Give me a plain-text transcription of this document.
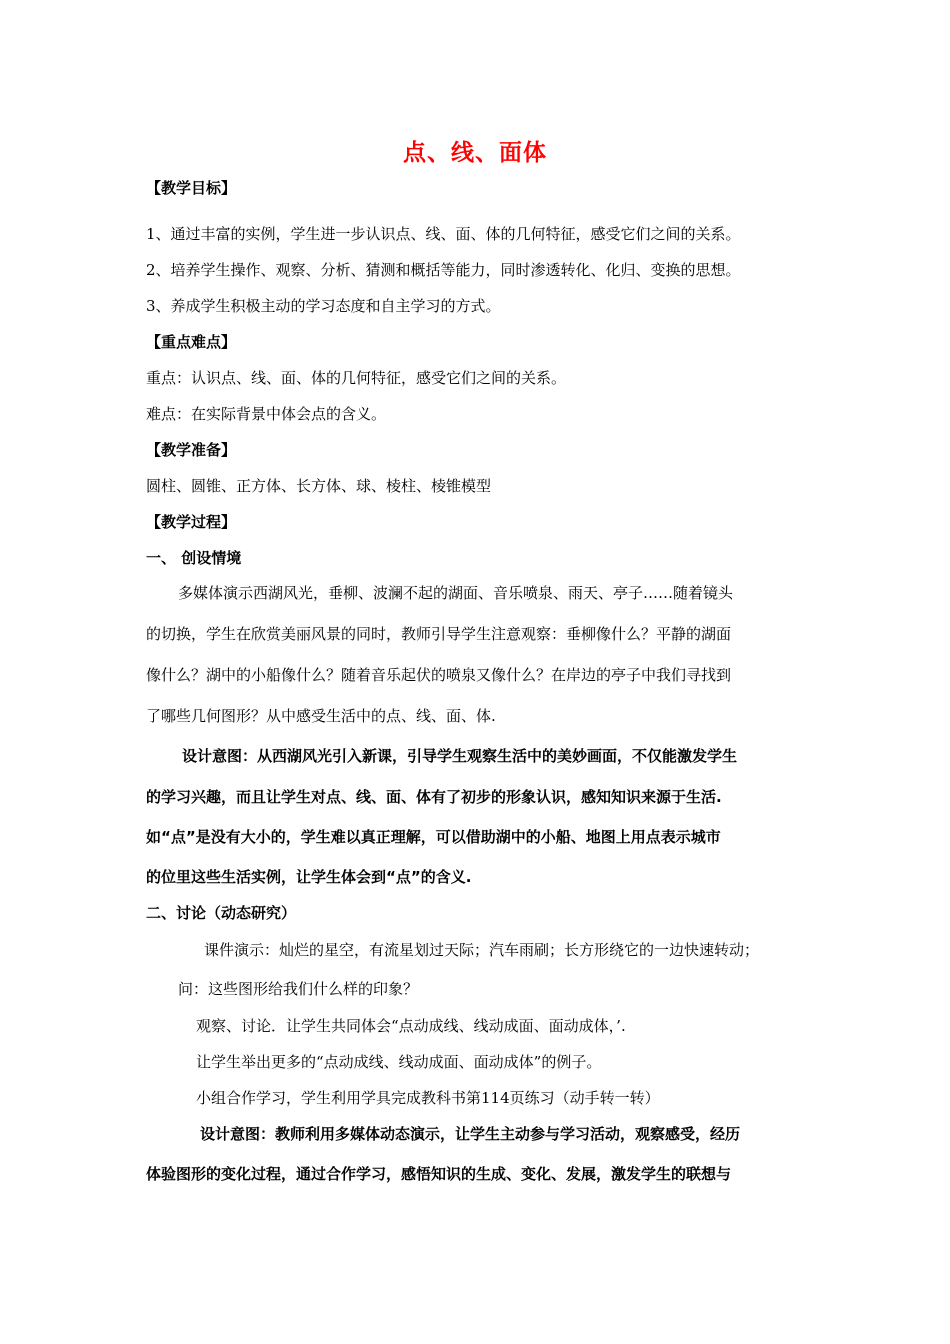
点、线、面体
【教学目标】
1、通过丰富的实例，学生进一步认识点、线、面、体的几何特征，感受它们之间的关系。
2、培养学生操作、观察、分析、猜测和概括等能力，同时渗透转化、化归、变换的思想。
3、养成学生积极主动的学习态度和自主学习的方式。
【重点难点】
重点：认识点、线、面、体的几何特征，感受它们之间的关系。
难点：在实际背景中体会点的含义。
【教学准备】
圆柱、圆锥、正方体、长方体、球、棱柱、棱锥模型
【教学过程】
一、 创设情境
多媒体演示西湖风光，垂柳、波澜不起的湖面、音乐喷泉、雨天、亭子……随着镜头
的切换，学生在欣赏美丽风景的同时，教师引导学生注意观察：垂柳像什么？平静的湖面
像什么？湖中的小船像什么？随着音乐起伏的喷泉又像什么？在岸边的亭子中我们寻找到
了哪些几何图形？从中感受生活中的点、线、面、体.
设计意图：从西湖风光引入新课，引导学生观察生活中的美妙画面，不仅能激发学生
的学习兴趣，而且让学生对点、线、面、体有了初步的形象认识，感知知识来源于生活.
如“点”是没有大小的，学生难以真正理解，可以借助湖中的小船、地图上用点表示城市
的位里这些生活实例，让学生体会到“点”的含义.
二、讨论（动态研究）
课件演示：灿烂的星空，有流星划过天际；汽车雨刷；长方形绕它的一边快速转动；
问：这些图形给我们什么样的印象？
观察、讨论．让学生共同体会“点动成线、线动成面、面动成体，’.
让学生举出更多的“点动成线、线动成面、面动成体”的例子。
小组合作学习，学生利用学具完成教科书第114页练习（动手转一转）
设计意图：教师利用多媒体动态演示，让学生主动参与学习活动，观察感受，经历
体验图形的变化过程，通过合作学习，感悟知识的生成、变化、发展，激发学生的联想与
